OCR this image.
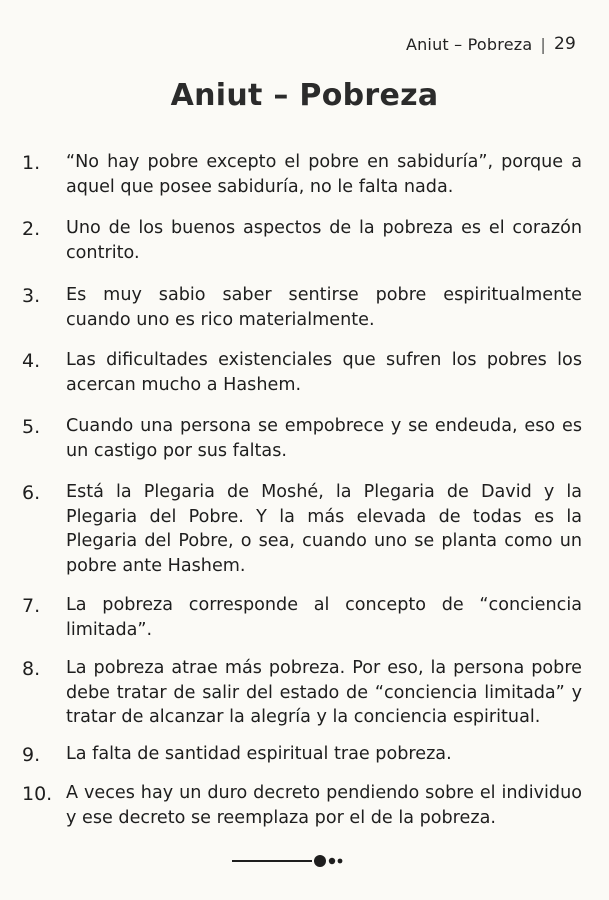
Aniut – Pobreza | 29
Aniut – Pobreza
1.	“No hay pobre excepto el pobre en sabiduría”, porque a aquel que posee sabiduría, no le falta nada.
2.	Uno de los buenos aspectos de la pobreza es el corazón contrito.
3.	Es muy sabio saber sentirse pobre espiritualmente cuando uno es rico materialmente.
4.	Las dificultades existenciales que sufren los pobres los acercan mucho a Hashem.
5.	Cuando una persona se empobrece y se endeuda, eso es un castigo por sus faltas.
6.	Está la Plegaria de Moshé, la Plegaria de David y la Plegaria del Pobre. Y la más elevada de todas es la Plegaria del Pobre, o sea, cuando uno se planta como un pobre ante Hashem.
7.	La pobreza corresponde al concepto de “conciencia limitada”.
8.	La pobreza atrae más pobreza. Por eso, la persona pobre debe tratar de salir del estado de “conciencia limitada” y tratar de alcanzar la alegría y la conciencia espiritual.
9.	La falta de santidad espiritual trae pobreza.
10. A veces hay un duro decreto pendiendo sobre el individuo y ese decreto se reemplaza por el de la pobreza.
